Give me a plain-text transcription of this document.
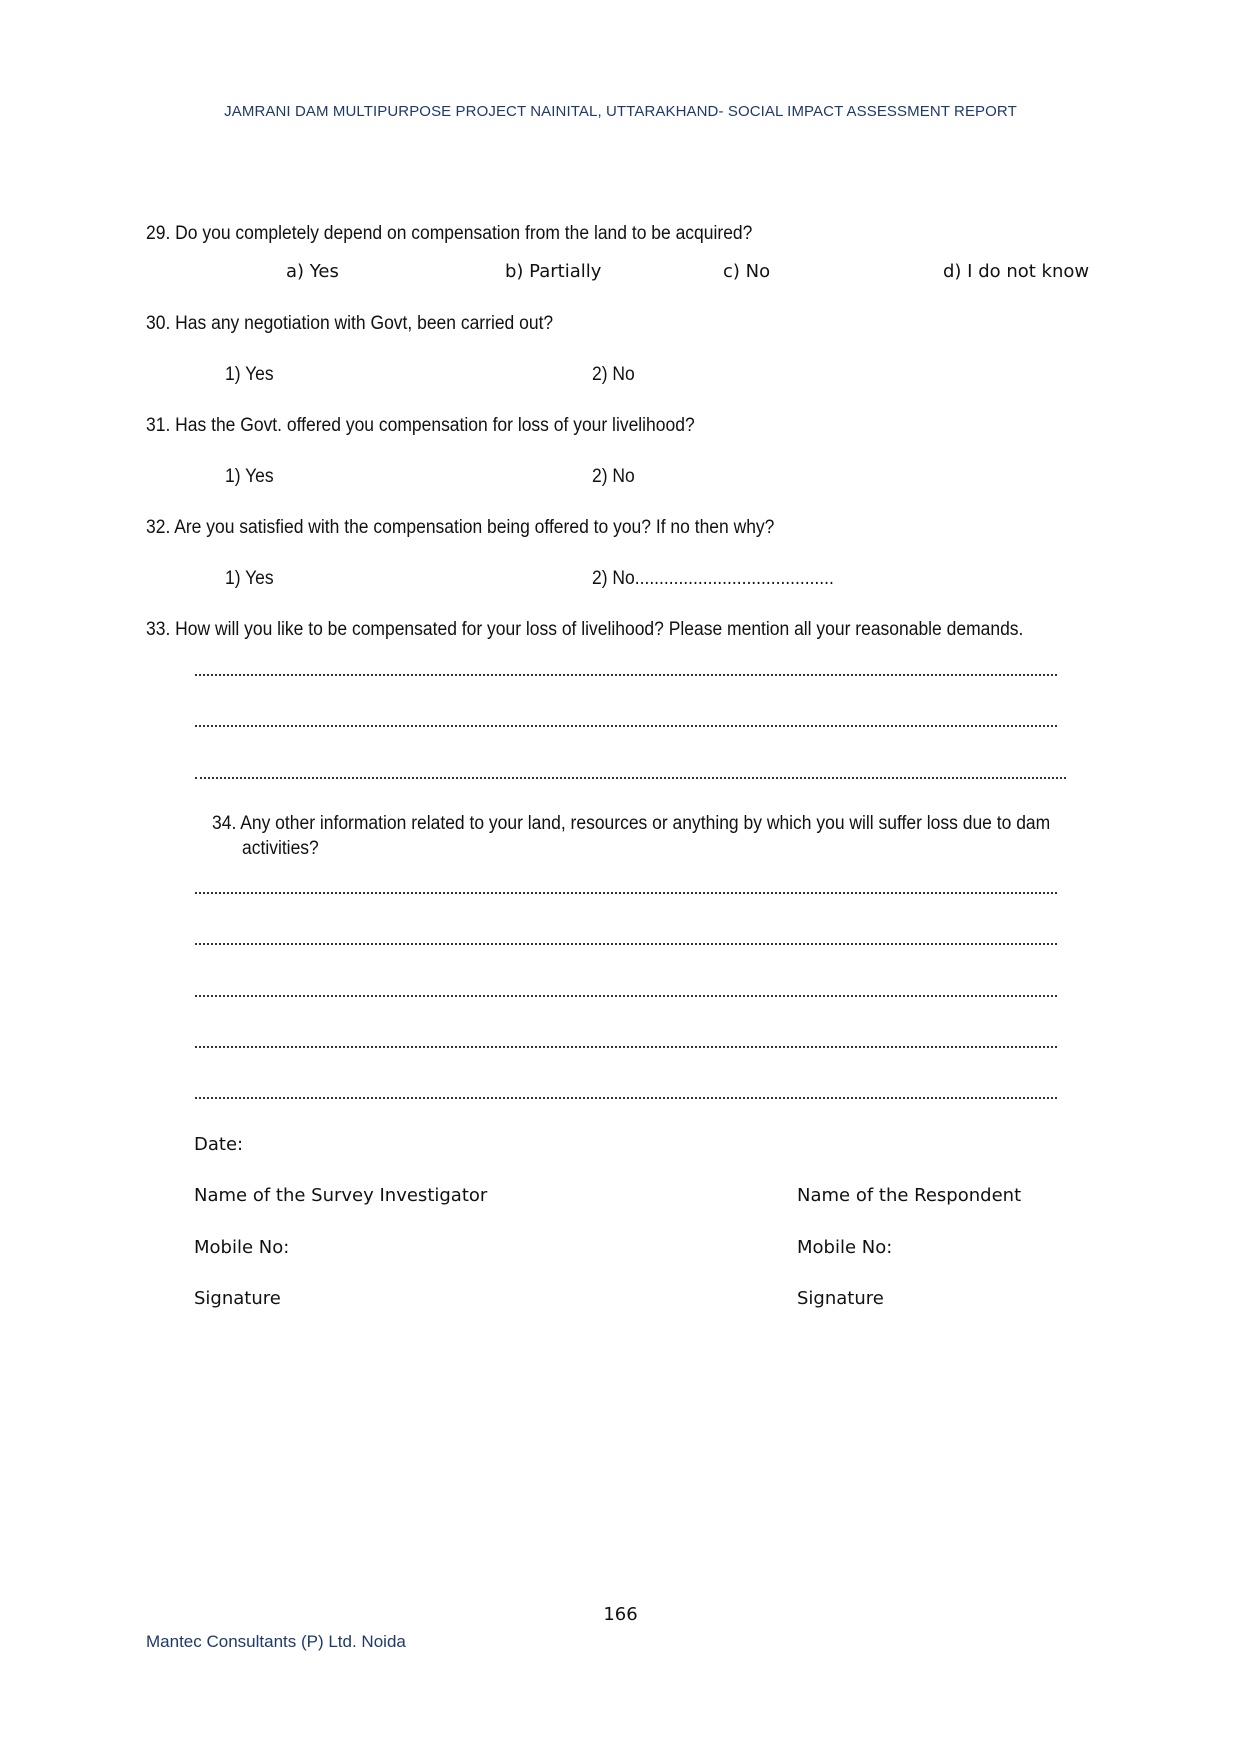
JAMRANI DAM MULTIPURPOSE PROJECT NAINITAL, UTTARAKHAND- SOCIAL IMPACT ASSESSMENT REPORT
29. Do you completely depend on compensation from the land to be acquired?
a) Yes	b) Partially	c) No	d) I do not know
30. Has any negotiation with Govt, been carried out?
1) Yes	2) No
31. Has the Govt. offered you compensation for loss of your livelihood?
1) Yes	2) No
32. Are you satisfied with the compensation being offered to you? If no then why?
1) Yes	2) No.........................................
33. How will you like to be compensated for your loss of livelihood? Please mention all your reasonable demands.
34. Any other information related to your land, resources or anything by which you will suffer loss due to dam
activities?
Date:
Name of the Survey Investigator	Name of the Respondent
Mobile No:	Mobile No:
Signature	Signature
166
Mantec Consultants (P) Ltd. Noida
